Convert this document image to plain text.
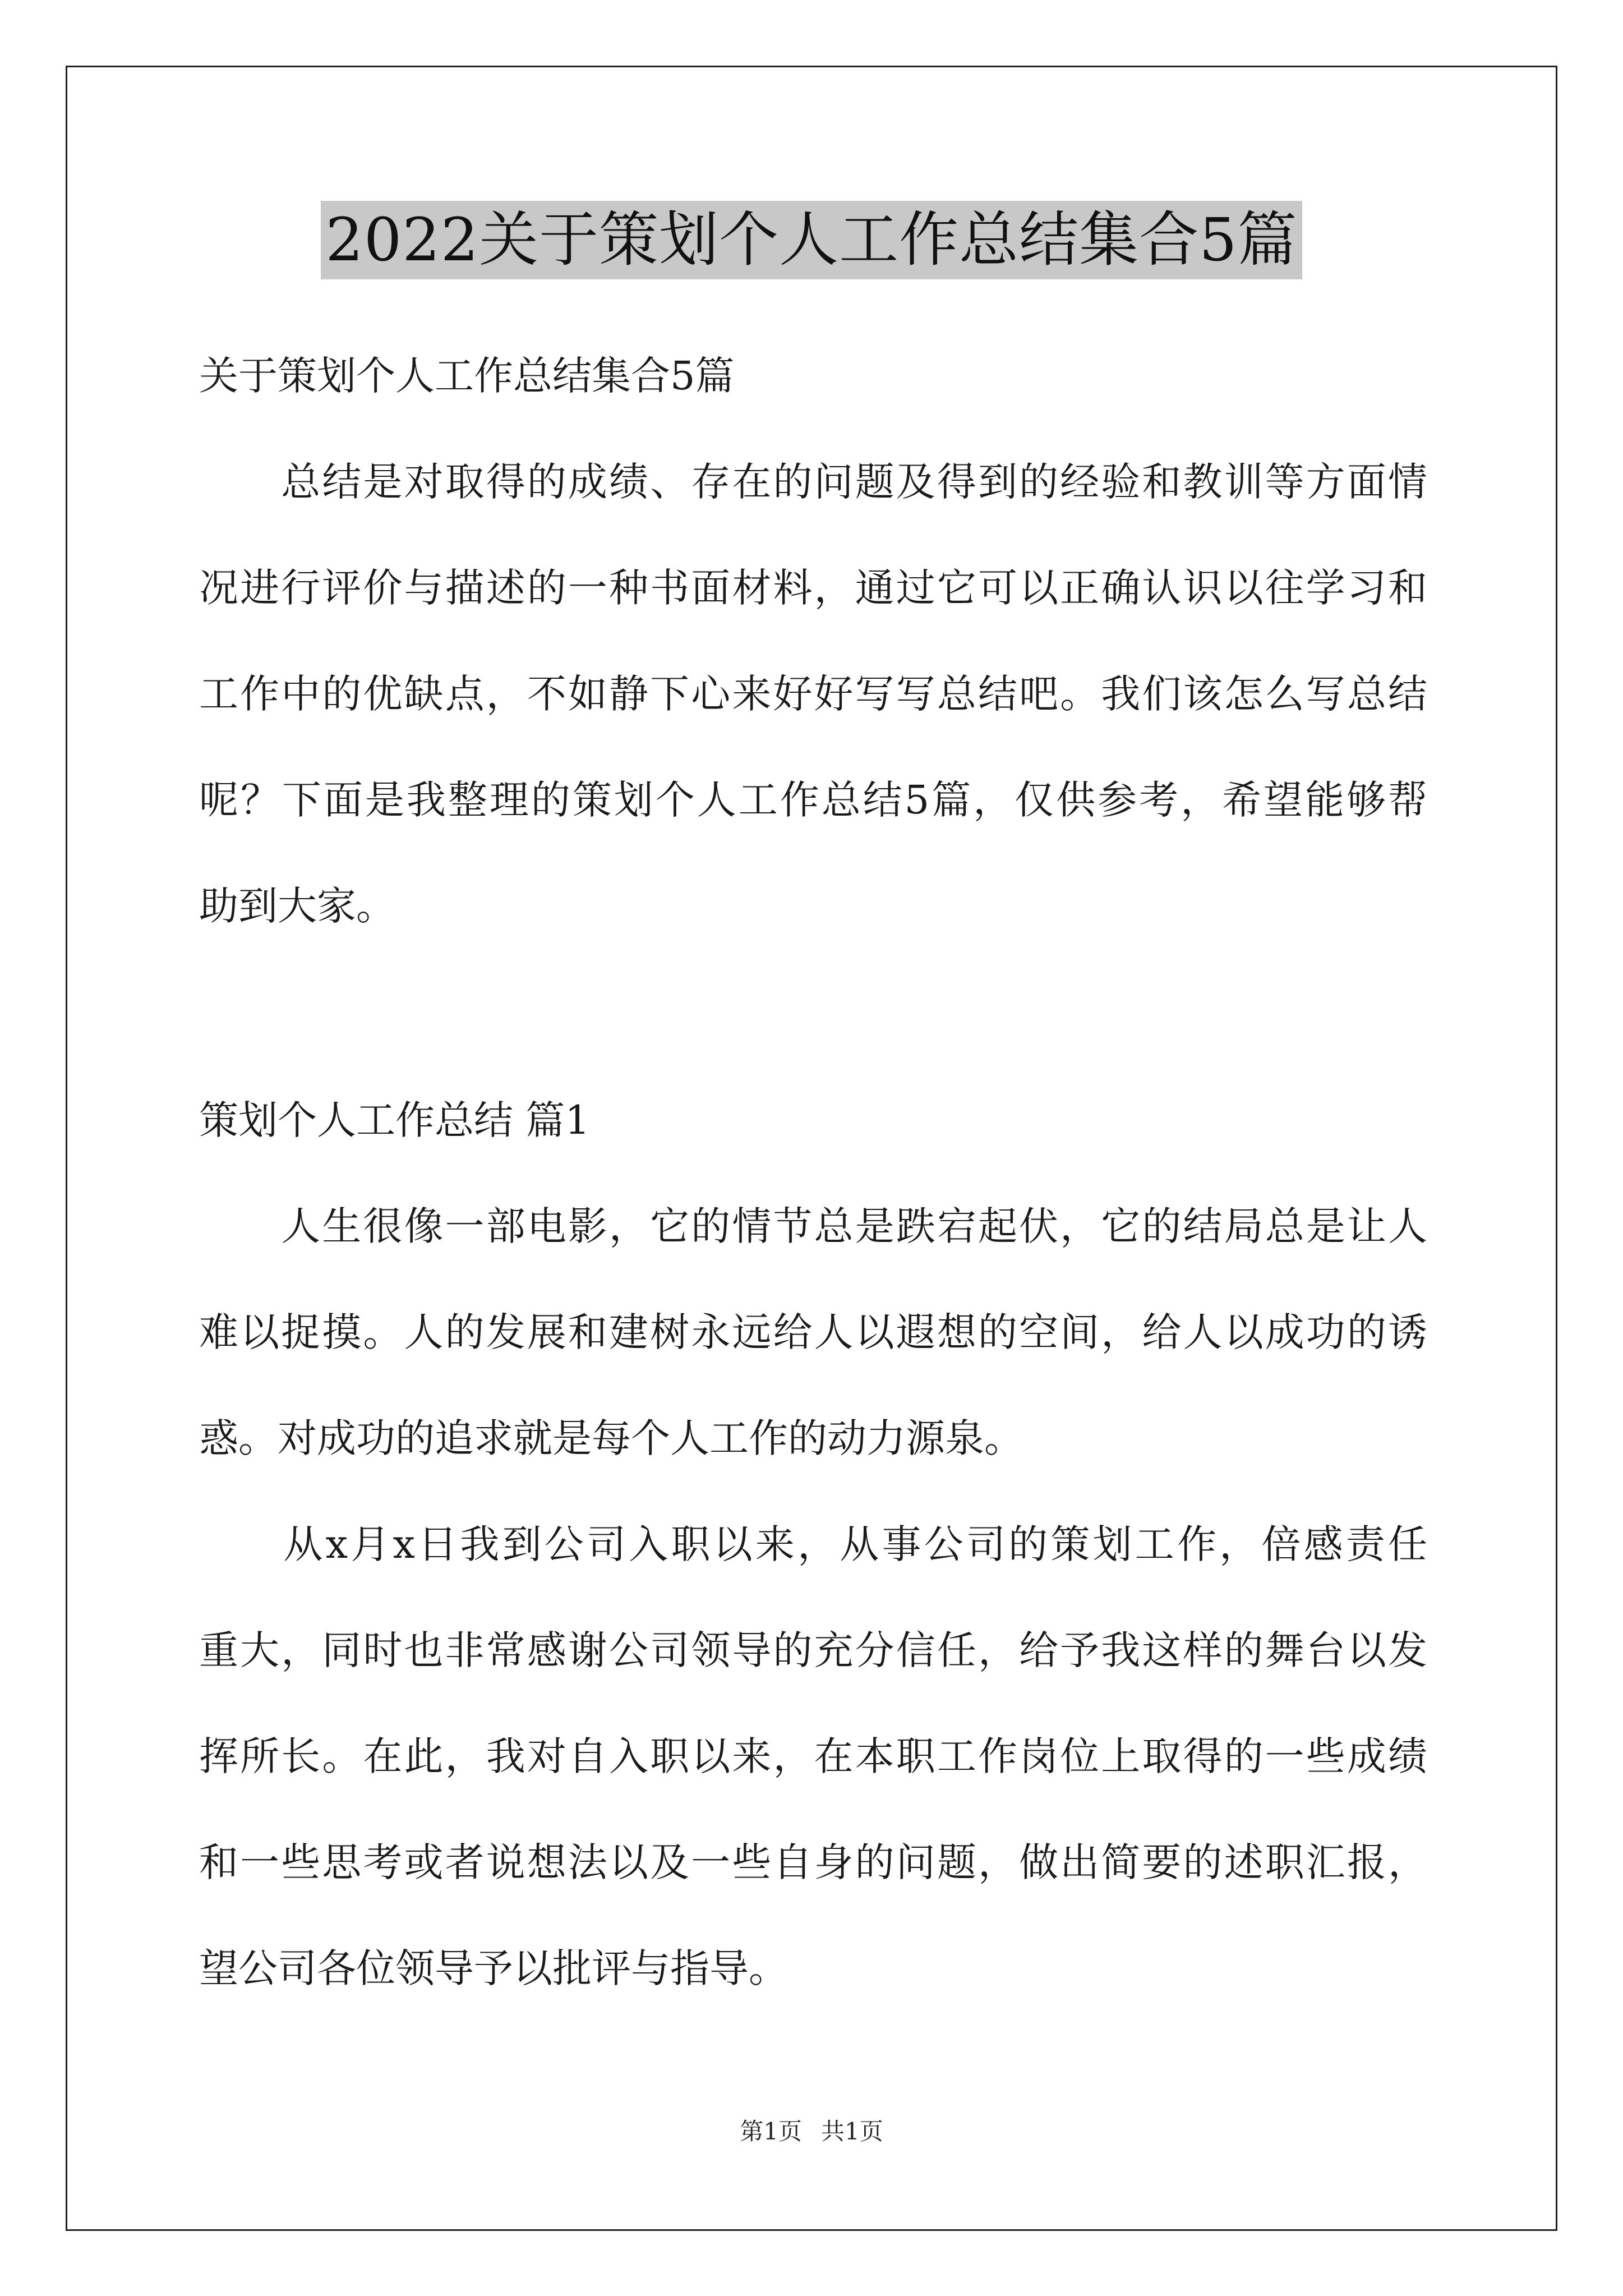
2022关于策划个人工作总结集合5篇
关于策划个人工作总结集合5篇
　　总结是对取得的成绩、存在的问题及得到的经验和教训等方面情
况进行评价与描述的一种书面材料，通过它可以正确认识以往学习和
工作中的优缺点，不如静下心来好好写写总结吧。我们该怎么写总结
呢？下面是我整理的策划个人工作总结5篇，仅供参考，希望能够帮
助到大家。
策划个人工作总结 篇1
　　人生很像一部电影，它的情节总是跌宕起伏，它的结局总是让人
难以捉摸。人的发展和建树永远给人以遐想的空间，给人以成功的诱
惑。对成功的追求就是每个人工作的动力源泉。
　　从x月x日我到公司入职以来，从事公司的策划工作，倍感责任
重大，同时也非常感谢公司领导的充分信任，给予我这样的舞台以发
挥所长。在此，我对自入职以来，在本职工作岗位上取得的一些成绩
和一些思考或者说想法以及一些自身的问题，做出简要的述职汇报，
望公司各位领导予以批评与指导。
第1页 共1页
